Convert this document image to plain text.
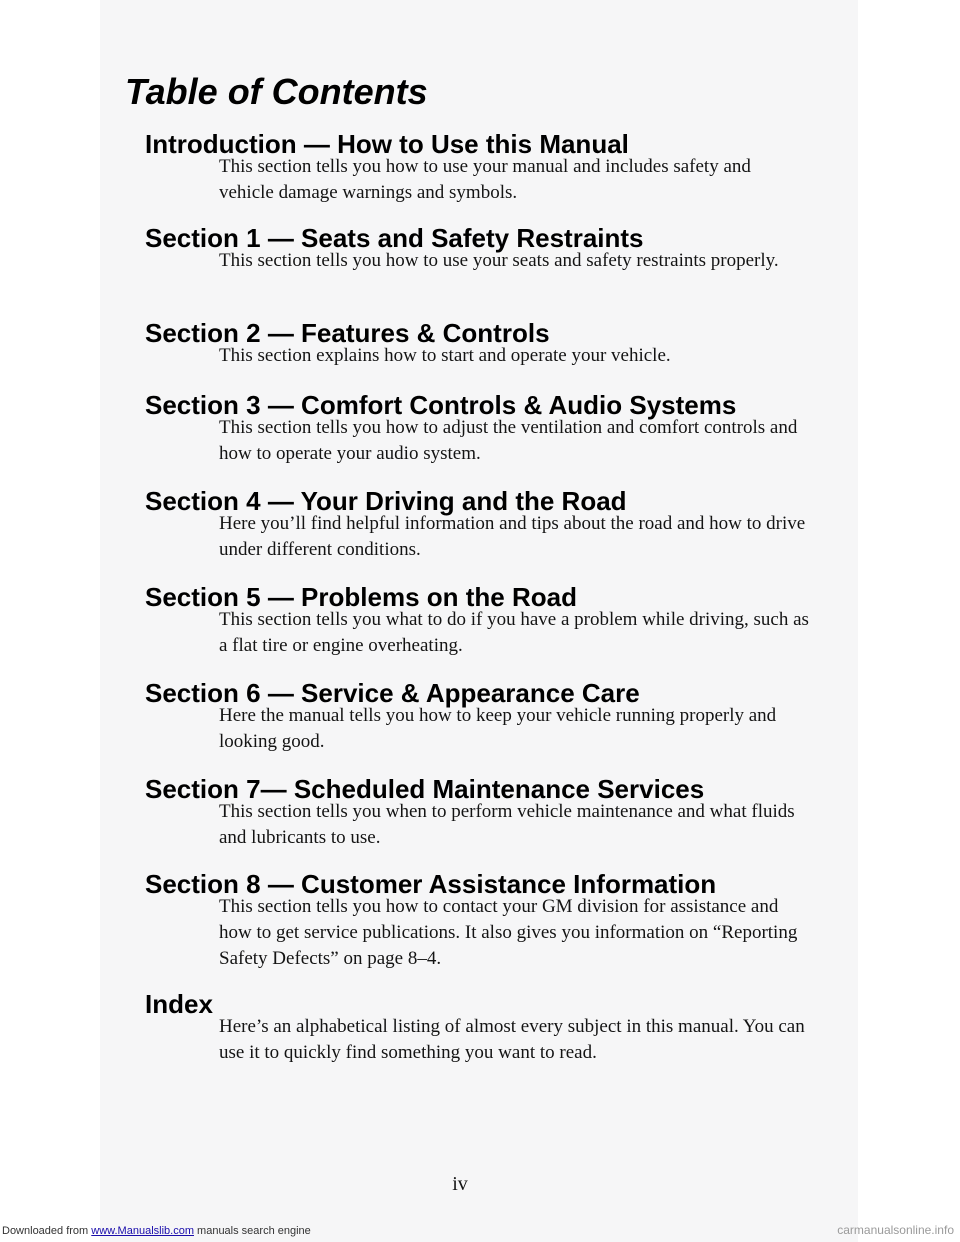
Table of Contents
Introduction — How to Use this Manual

This section tells you how to use your manual and includes safety and vehicle damage warnings and symbols.

Section 1 — Seats and Safety Restraints

This section tells you how to use your seats and safety restraints properly.

Section 2 — Features & Controls

This section explains how to start and operate your vehicle.

Section 3 — Comfort Controls & Audio Systems

This section tells you how to adjust the ventilation and comfort controls and how to operate your audio system.

Section 4 — Your Driving and the Road

Here you’ll find helpful information and tips about the road and how to drive under different conditions.

Section 5 — Problems on the Road

This section tells you what to do if you have a problem while driving, such as a flat tire or engine overheating.

Section 6 — Service & Appearance Care

Here the manual tells you how to keep your vehicle running properly and looking good.

Section 7— Scheduled Maintenance Services

This section tells you when to perform vehicle maintenance and what fluids and lubricants to use.

Section 8 — Customer Assistance Information

This section tells you how to contact your GM division for assistance and how to get service publications. It also gives you information on “Reporting Safety Defects” on page 8–4.

Index

Here’s an alphabetical listing of almost every subject in this manual. You can use it to quickly find something you want to read.

iv
Downloaded from www.Manualslib.com manuals search engine	carmanualsonline.info
